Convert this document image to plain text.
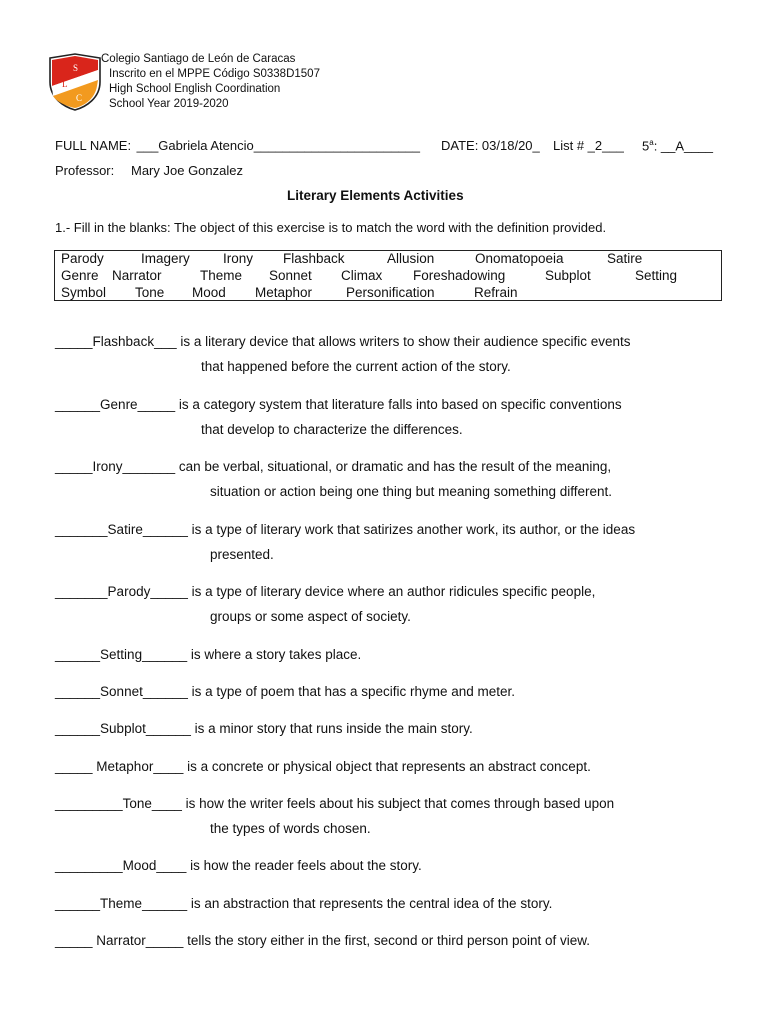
S
L
C
Colegio Santiago de León de Caracas
Inscrito en el MPPE Código S0338D1507
High School English Coordination
School Year 2019-2020
FULL NAME: ___Gabriela Atencio_______________________ DATE: 03/18/20_ List # _2___ 5$^a$: __A____
Professor: Mary Joe Gonzalez
Literary Elements Activities
1.- Fill in the blanks: The object of this exercise is to match the word with the definition provided.
Parody	Imagery Irony Flashback	Allusion	Onomatopoeia	Satire
Genre Narrator	Theme Sonnet Climax Foreshadowing	Subplot	Setting
Symbol Tone Mood Metaphor	Personification	Refrain
_____Flashback___ is a literary device that allows writers to show their audience specific events
that happened before the current action of the story.
______Genre_____ is a category system that literature falls into based on specific conventions
that develop to characterize the differences.
_____Irony_______ can be verbal, situational, or dramatic and has the result of the meaning,
situation or action being one thing but meaning something different.
_______Satire______ is a type of literary work that satirizes another work, its author, or the ideas
presented.
_______Parody_____ is a type of literary device where an author ridicules specific people,
groups or some aspect of society.
______Setting______ is where a story takes place.
______Sonnet______ is a type of poem that has a specific rhyme and meter.
______Subplot______ is a minor story that runs inside the main story.
_____ Metaphor____ is a concrete or physical object that represents an abstract concept.
_________Tone____ is how the writer feels about his subject that comes through based upon
the types of words chosen.
_________Mood____ is how the reader feels about the story.
______Theme______ is an abstraction that represents the central idea of the story.
_____ Narrator_____ tells the story either in the first, second or third person point of view.
